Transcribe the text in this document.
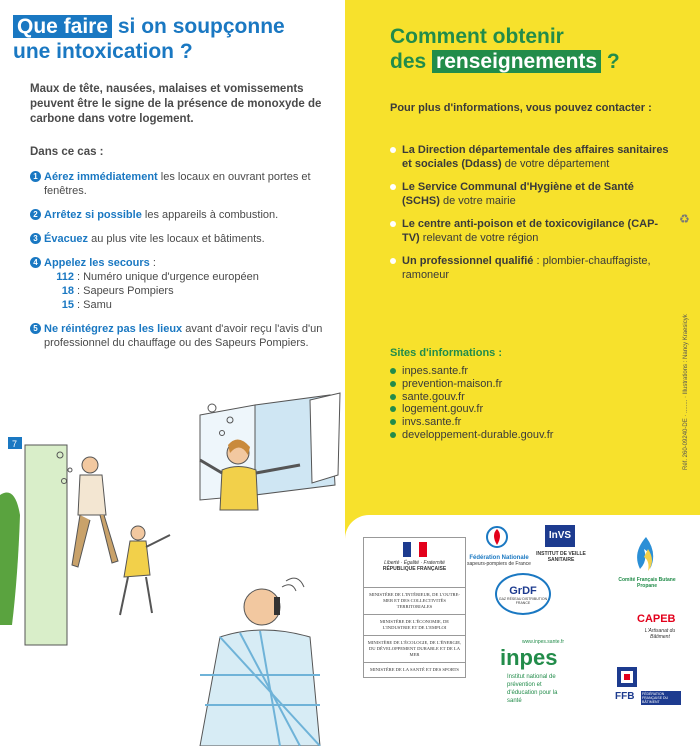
Que faire si on soupçonne
une intoxication ?
Maux de tête, nausées, malaises et vomissements peuvent être le signe de la présence de monoxyde de carbone dans votre logement.
Dans ce cas :
1 Aérez immédiatement les locaux en ouvrant portes et fenêtres.
2 Arrêtez si possible les appareils à combustion.
3 Évacuez au plus vite les locaux et bâtiments.
4 Appelez les secours :
112 : Numéro unique d'urgence européen
18 : Sapeurs Pompiers
15 : Samu
5 Ne réintégrez pas les lieux avant d'avoir reçu l'avis d'un professionnel du chauffage ou des Sapeurs Pompiers.
7
Comment obtenir
des renseignements ?
Pour plus d'informations, vous pouvez contacter :
La Direction départementale des affaires sanitaires et sociales (Ddass) de votre département
Le Service Communal d'Hygiène et de Santé (SCHS) de votre mairie
Le centre anti-poison et de toxicovigilance (CAP-TV) relevant de votre région
Un professionnel qualifié : plombier-chauffagiste, ramoneur
Sites d'informations :
inpes.sante.fr
prevention-maison.fr
sante.gouv.fr
logement.gouv.fr
invs.sante.fr
developpement-durable.gouv.fr
♻
Réf. 260-09240-DE · ........ · Illustrations : Nancy Kraesicyk
Liberté · Égalité · Fraternité
RÉPUBLIQUE FRANÇAISE
MINISTÈRE DE L'INTÉRIEUR, DE L'OUTRE-MER ET DES COLLECTIVITÉS TERRITORIALES
MINISTÈRE DE L'ÉCONOMIE, DE L'INDUSTRIE ET DE L'EMPLOI
MINISTÈRE DE L'ÉCOLOGIE, DE L'ÉNERGIE, DU DÉVELOPPEMENT DURABLE ET DE LA MER
MINISTÈRE DE LA SANTÉ ET DES SPORTS
Fédération Nationale
sapeurs-pompiers de France
InVS
INSTITUT DE VEILLE SANITAIRE
Comité Français Butane Propane
GrDF
GAZ RÉSEAU DISTRIBUTION FRANCE
CAPEB
L'Artisanat du Bâtiment
www.inpes.sante.fr
inpes
Institut national de prévention et d'éducation pour la santé	FFB FÉDÉRATION FRANÇAISE DU BÂTIMENT
